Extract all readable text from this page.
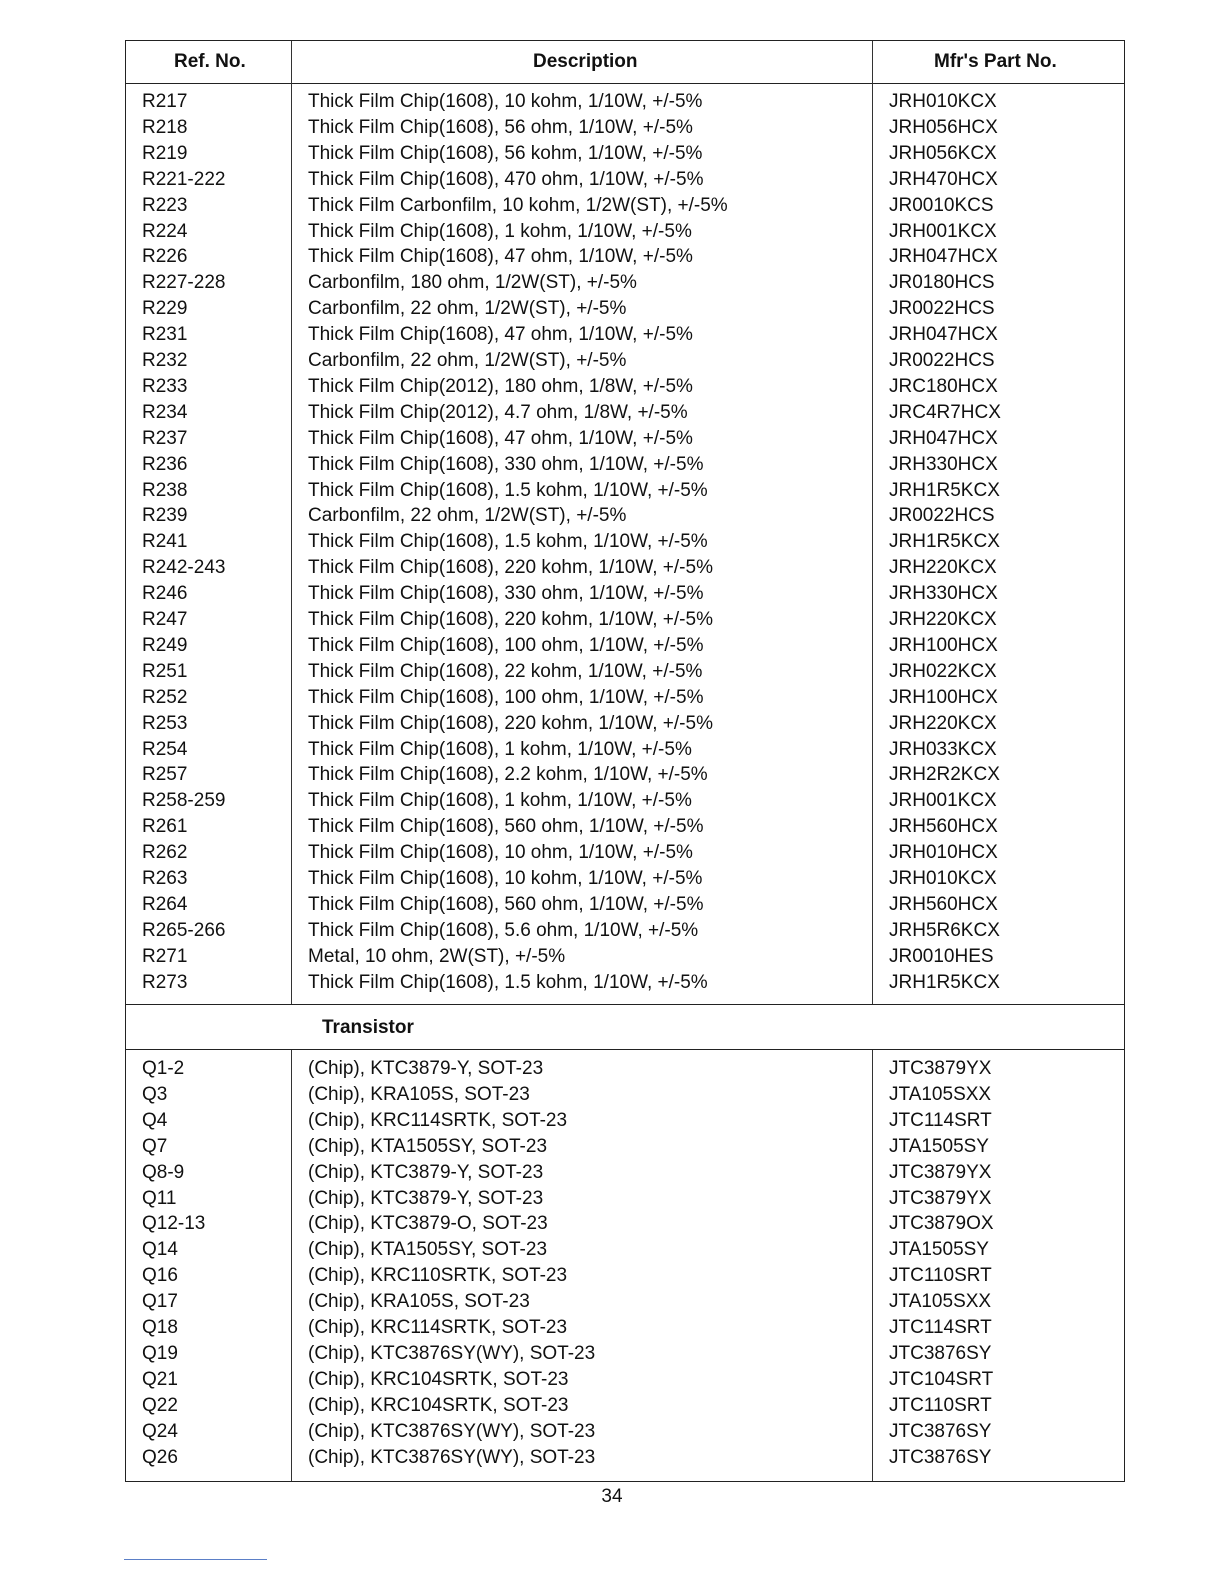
Ref. No.	Description	Mfr's Part No.
R217	Thick Film Chip(1608), 10 kohm, 1/10W, +/-5%	JRH010KCX
R218	Thick Film Chip(1608), 56 ohm, 1/10W, +/-5%	JRH056HCX
R219	Thick Film Chip(1608), 56 kohm, 1/10W, +/-5%	JRH056KCX
R221-222	Thick Film Chip(1608), 470 ohm, 1/10W, +/-5%	JRH470HCX
R223	Thick Film Carbonfilm, 10 kohm, 1/2W(ST), +/-5%	JR0010KCS
R224	Thick Film Chip(1608), 1 kohm, 1/10W, +/-5%	JRH001KCX
R226	Thick Film Chip(1608), 47 ohm, 1/10W, +/-5%	JRH047HCX
R227-228	Carbonfilm, 180 ohm, 1/2W(ST), +/-5%	JR0180HCS
R229	Carbonfilm, 22 ohm, 1/2W(ST), +/-5%	JR0022HCS
R231	Thick Film Chip(1608), 47 ohm, 1/10W, +/-5%	JRH047HCX
R232	Carbonfilm, 22 ohm, 1/2W(ST), +/-5%	JR0022HCS
R233	Thick Film Chip(2012), 180 ohm, 1/8W, +/-5%	JRC180HCX
R234	Thick Film Chip(2012), 4.7 ohm, 1/8W, +/-5%	JRC4R7HCX
R237	Thick Film Chip(1608), 47 ohm, 1/10W, +/-5%	JRH047HCX
R236	Thick Film Chip(1608), 330 ohm, 1/10W, +/-5%	JRH330HCX
R238	Thick Film Chip(1608), 1.5 kohm, 1/10W, +/-5%	JRH1R5KCX
R239	Carbonfilm, 22 ohm, 1/2W(ST), +/-5%	JR0022HCS
R241	Thick Film Chip(1608), 1.5 kohm, 1/10W, +/-5%	JRH1R5KCX
R242-243	Thick Film Chip(1608), 220 kohm, 1/10W, +/-5%	JRH220KCX
R246	Thick Film Chip(1608), 330 ohm, 1/10W, +/-5%	JRH330HCX
R247	Thick Film Chip(1608), 220 kohm, 1/10W, +/-5%	JRH220KCX
R249	Thick Film Chip(1608), 100 ohm, 1/10W, +/-5%	JRH100HCX
R251	Thick Film Chip(1608), 22 kohm, 1/10W, +/-5%	JRH022KCX
R252	Thick Film Chip(1608), 100 ohm, 1/10W, +/-5%	JRH100HCX
R253	Thick Film Chip(1608), 220 kohm, 1/10W, +/-5%	JRH220KCX
R254	Thick Film Chip(1608), 1 kohm, 1/10W, +/-5%	JRH033KCX
R257	Thick Film Chip(1608), 2.2 kohm, 1/10W, +/-5%	JRH2R2KCX
R258-259	Thick Film Chip(1608), 1 kohm, 1/10W, +/-5%	JRH001KCX
R261	Thick Film Chip(1608), 560 ohm, 1/10W, +/-5%	JRH560HCX
R262	Thick Film Chip(1608), 10 ohm, 1/10W, +/-5%	JRH010HCX
R263	Thick Film Chip(1608), 10 kohm, 1/10W, +/-5%	JRH010KCX
R264	Thick Film Chip(1608), 560 ohm, 1/10W, +/-5%	JRH560HCX
R265-266	Thick Film Chip(1608), 5.6 ohm, 1/10W, +/-5%	JRH5R6KCX
R271	Metal, 10 ohm, 2W(ST), +/-5%	JR0010HES
R273	Thick Film Chip(1608), 1.5 kohm, 1/10W, +/-5%	JRH1R5KCX
Transistor
Q1-2	(Chip), KTC3879-Y, SOT-23	JTC3879YX
Q3	(Chip), KRA105S, SOT-23	JTA105SXX
Q4	(Chip), KRC114SRTK, SOT-23	JTC114SRT
Q7	(Chip), KTA1505SY, SOT-23	JTA1505SY
Q8-9	(Chip), KTC3879-Y, SOT-23	JTC3879YX
Q11	(Chip), KTC3879-Y, SOT-23	JTC3879YX
Q12-13	(Chip), KTC3879-O, SOT-23	JTC3879OX
Q14	(Chip), KTA1505SY, SOT-23	JTA1505SY
Q16	(Chip), KRC110SRTK, SOT-23	JTC110SRT
Q17	(Chip), KRA105S, SOT-23	JTA105SXX
Q18	(Chip), KRC114SRTK, SOT-23	JTC114SRT
Q19	(Chip), KTC3876SY(WY), SOT-23	JTC3876SY
Q21	(Chip), KRC104SRTK, SOT-23	JTC104SRT
Q22	(Chip), KRC104SRTK, SOT-23	JTC110SRT
Q24	(Chip), KTC3876SY(WY), SOT-23	JTC3876SY
Q26	(Chip), KTC3876SY(WY), SOT-23	JTC3876SY
34
